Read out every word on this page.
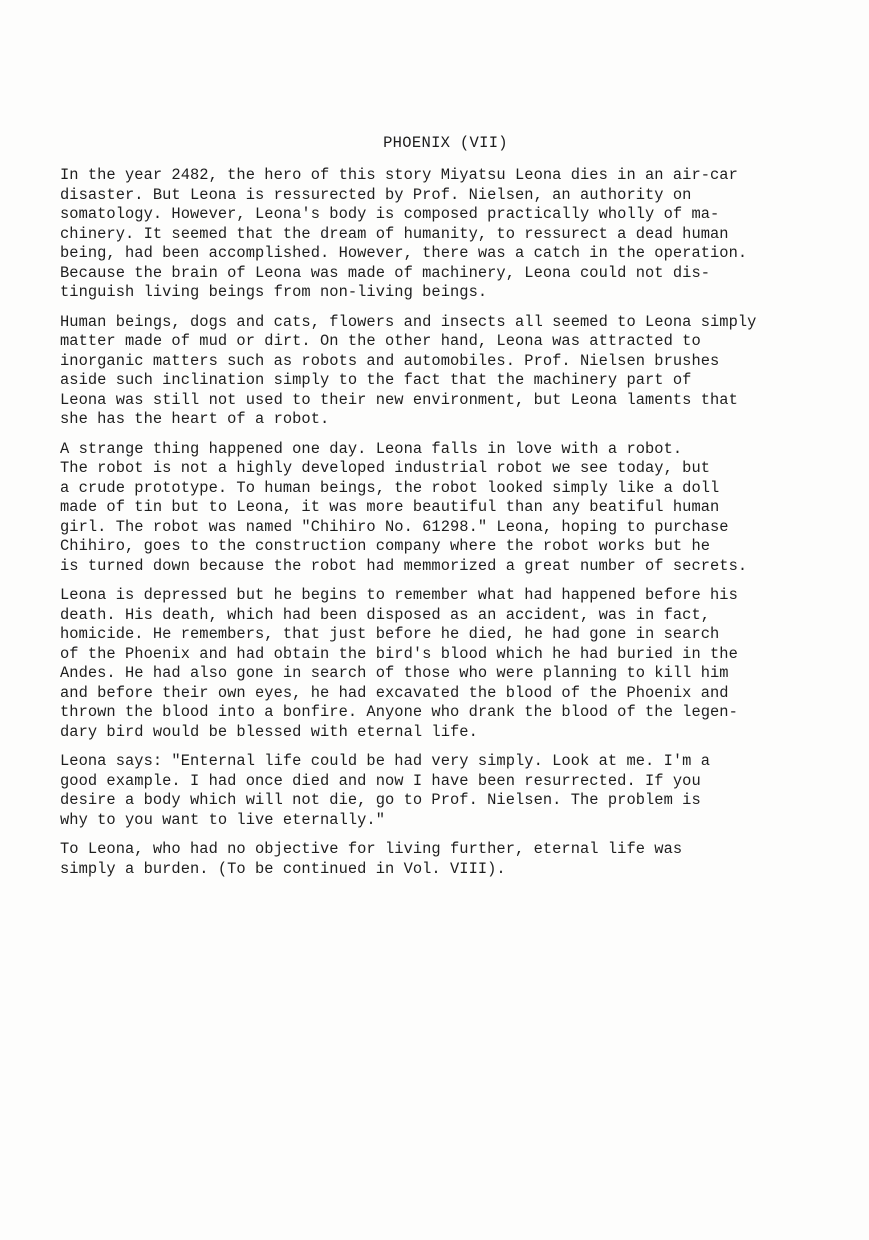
PHOENIX (VII)
In the year 2482, the hero of this story Miyatsu Leona dies in an air-car
disaster. But Leona is ressurected by Prof. Nielsen, an authority on
somatology. However, Leona's body is composed practically wholly of ma-
chinery. It seemed that the dream of humanity, to ressurect a dead human
being, had been accomplished. However, there was a catch in the operation.
Because the brain of Leona was made of machinery, Leona could not dis-
tinguish living beings from non-living beings.
Human beings, dogs and cats, flowers and insects all seemed to Leona simply
matter made of mud or dirt. On the other hand, Leona was attracted to
inorganic matters such as robots and automobiles. Prof. Nielsen brushes
aside such inclination simply to the fact that the machinery part of
Leona was still not used to their new environment, but Leona laments that
she has the heart of a robot.
A strange thing happened one day. Leona falls in love with a robot.
The robot is not a highly developed industrial robot we see today, but
a crude prototype. To human beings, the robot looked simply like a doll
made of tin but to Leona, it was more beautiful than any beatiful human
girl. The robot was named "Chihiro No. 61298." Leona, hoping to purchase
Chihiro, goes to the construction company where the robot works but he
is turned down because the robot had memmorized a great number of secrets.
Leona is depressed but he begins to remember what had happened before his
death. His death, which had been disposed as an accident, was in fact,
homicide. He remembers, that just before he died, he had gone in search
of the Phoenix and had obtain the bird's blood which he had buried in the
Andes. He had also gone in search of those who were planning to kill him
and before their own eyes, he had excavated the blood of the Phoenix and
thrown the blood into a bonfire. Anyone who drank the blood of the legen-
dary bird would be blessed with eternal life.
Leona says: "Enternal life could be had very simply. Look at me. I'm a
good example. I had once died and now I have been resurrected. If you
desire a body which will not die, go to Prof. Nielsen. The problem is
why to you want to live eternally."
To Leona, who had no objective for living further, eternal life was
simply a burden. (To be continued in Vol. VIII).
